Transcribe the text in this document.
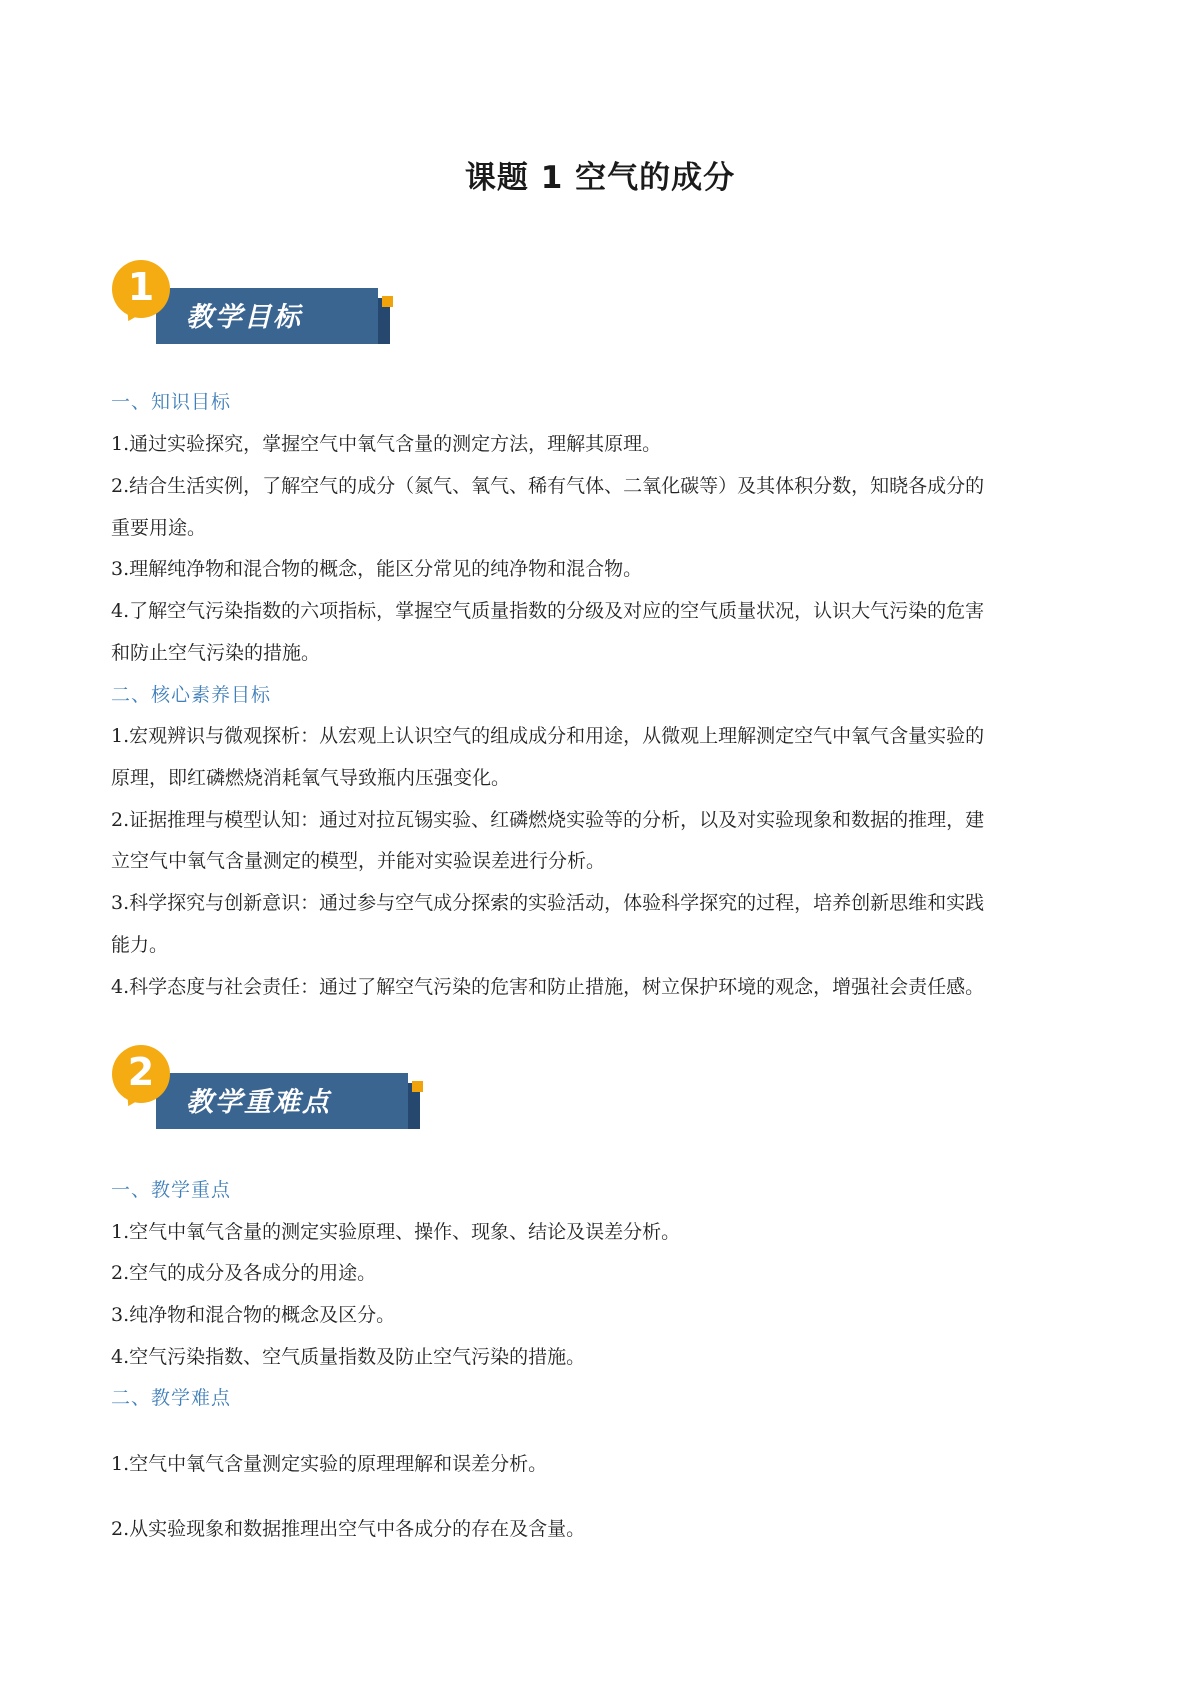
课题 1 空气的成分
教学目标
1
一、知识目标
1.通过实验探究，掌握空气中氧气含量的测定方法，理解其原理。
2.结合生活实例，了解空气的成分（氮气、氧气、稀有气体、二氧化碳等）及其体积分数，知晓各成分的
重要用途。
3.理解纯净物和混合物的概念，能区分常见的纯净物和混合物。
4.了解空气污染指数的六项指标，掌握空气质量指数的分级及对应的空气质量状况，认识大气污染的危害
和防止空气污染的措施。
二、核心素养目标
1.宏观辨识与微观探析：从宏观上认识空气的组成成分和用途，从微观上理解测定空气中氧气含量实验的
原理，即红磷燃烧消耗氧气导致瓶内压强变化。
2.证据推理与模型认知：通过对拉瓦锡实验、红磷燃烧实验等的分析，以及对实验现象和数据的推理，建
立空气中氧气含量测定的模型，并能对实验误差进行分析。
3.科学探究与创新意识：通过参与空气成分探索的实验活动，体验科学探究的过程，培养创新思维和实践
能力。
4.科学态度与社会责任：通过了解空气污染的危害和防止措施，树立保护环境的观念，增强社会责任感。
教学重难点
2
一、教学重点
1.空气中氧气含量的测定实验原理、操作、现象、结论及误差分析。
2.空气的成分及各成分的用途。
3.纯净物和混合物的概念及区分。
4.空气污染指数、空气质量指数及防止空气污染的措施。
二、教学难点
1.空气中氧气含量测定实验的原理理解和误差分析。
2.从实验现象和数据推理出空气中各成分的存在及含量。
